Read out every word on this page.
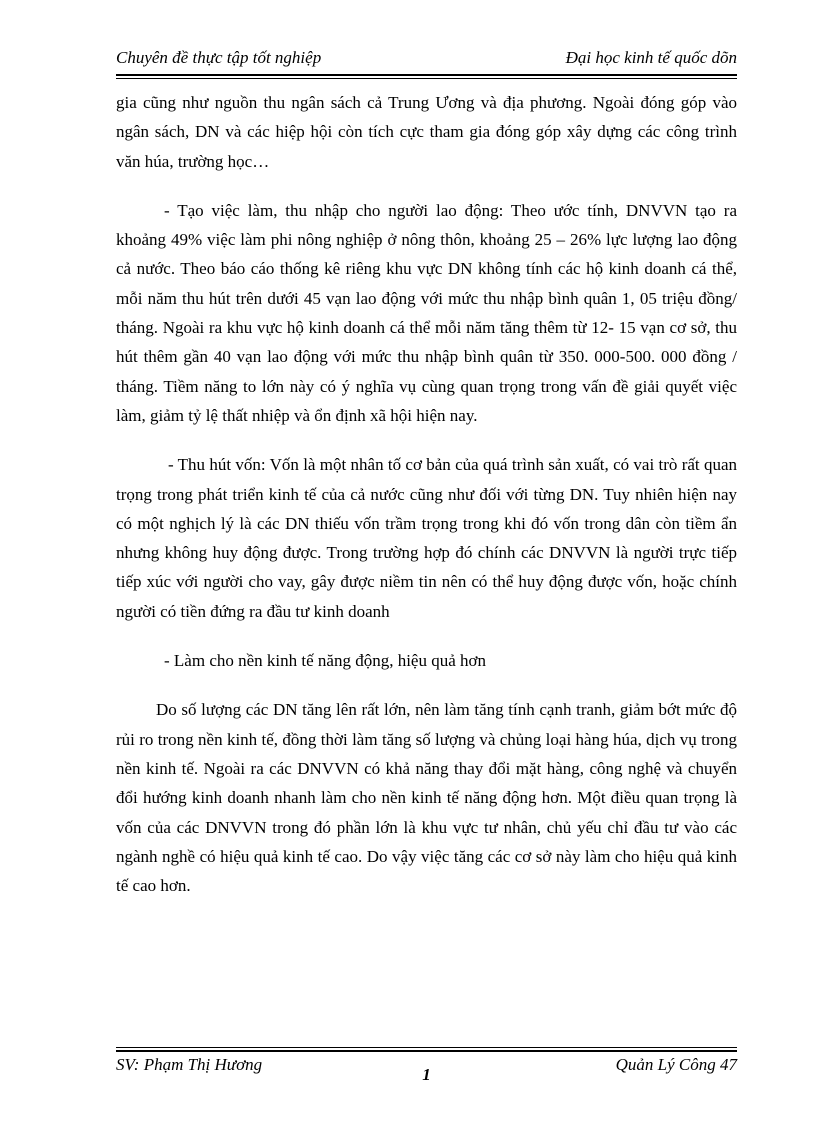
Chuyên đề thực tập tốt nghiệp	Đại học kinh tế quốc dõn

gia cũng như nguồn thu ngân sách cả Trung Ương và địa phương. Ngoài đóng góp vào ngân sách, DN và các hiệp hội còn tích cực tham gia đóng góp xây dựng các công trình văn húa, trường học…

- Tạo việc làm, thu nhập cho người lao động: Theo ước tính, DNVVN tạo ra khoảng 49% việc làm phi nông nghiệp ở nông thôn, khoảng 25 – 26% lực lượng lao động cả nước. Theo báo cáo thống kê riêng khu vực DN không tính các hộ kinh doanh cá thể, mỗi năm thu hút trên dưới 45 vạn lao động với mức thu nhập bình quân 1, 05 triệu đồng/ tháng. Ngoài ra khu vực hộ kinh doanh cá thể mỗi năm tăng thêm từ 12- 15 vạn cơ sở, thu hút thêm gần 40 vạn lao động với mức thu nhập bình quân từ 350. 000-500. 000 đồng / tháng. Tiềm năng to lớn này có ý nghĩa vụ cùng quan trọng trong vấn đề giải quyết việc làm, giảm tỷ lệ thất nhiệp và ổn định xã hội hiện nay.

- Thu hút vốn: Vốn là một nhân tố cơ bản của quá trình sản xuất, có vai trò rất quan trọng trong phát triển kinh tế của cả nước cũng như đối với từng DN. Tuy nhiên hiện nay có một nghịch lý là các DN thiếu vốn trầm trọng trong khi đó vốn trong dân còn tiềm ẩn nhưng không huy động được. Trong trường hợp đó chính các DNVVN là người trực tiếp tiếp xúc với người cho vay, gây được niềm tin nên có thể huy động được vốn, hoặc chính người có tiền đứng ra đầu tư kinh doanh

- Làm cho nền kinh tế năng động, hiệu quả hơn

Do số lượng các DN tăng lên rất lớn, nên làm tăng tính cạnh tranh, giảm bớt mức độ rủi ro trong nền kinh tế, đồng thời làm tăng số lượng và chủng loại hàng húa, dịch vụ trong nền kinh tế. Ngoài ra các DNVVN có khả năng thay đổi mặt hàng, công nghệ và chuyển đổi hướng kinh doanh nhanh làm cho nền kinh tế năng động hơn. Một điều quan trọng là vốn của các DNVVN trong đó phần lớn là khu vực tư nhân, chủ yếu chỉ đầu tư vào các ngành nghề có hiệu quả kinh tế cao. Do vậy việc tăng các cơ sở này làm cho hiệu quả kinh tế cao hơn.

SV: Phạm Thị Hương
1
Quản Lý Công 47
